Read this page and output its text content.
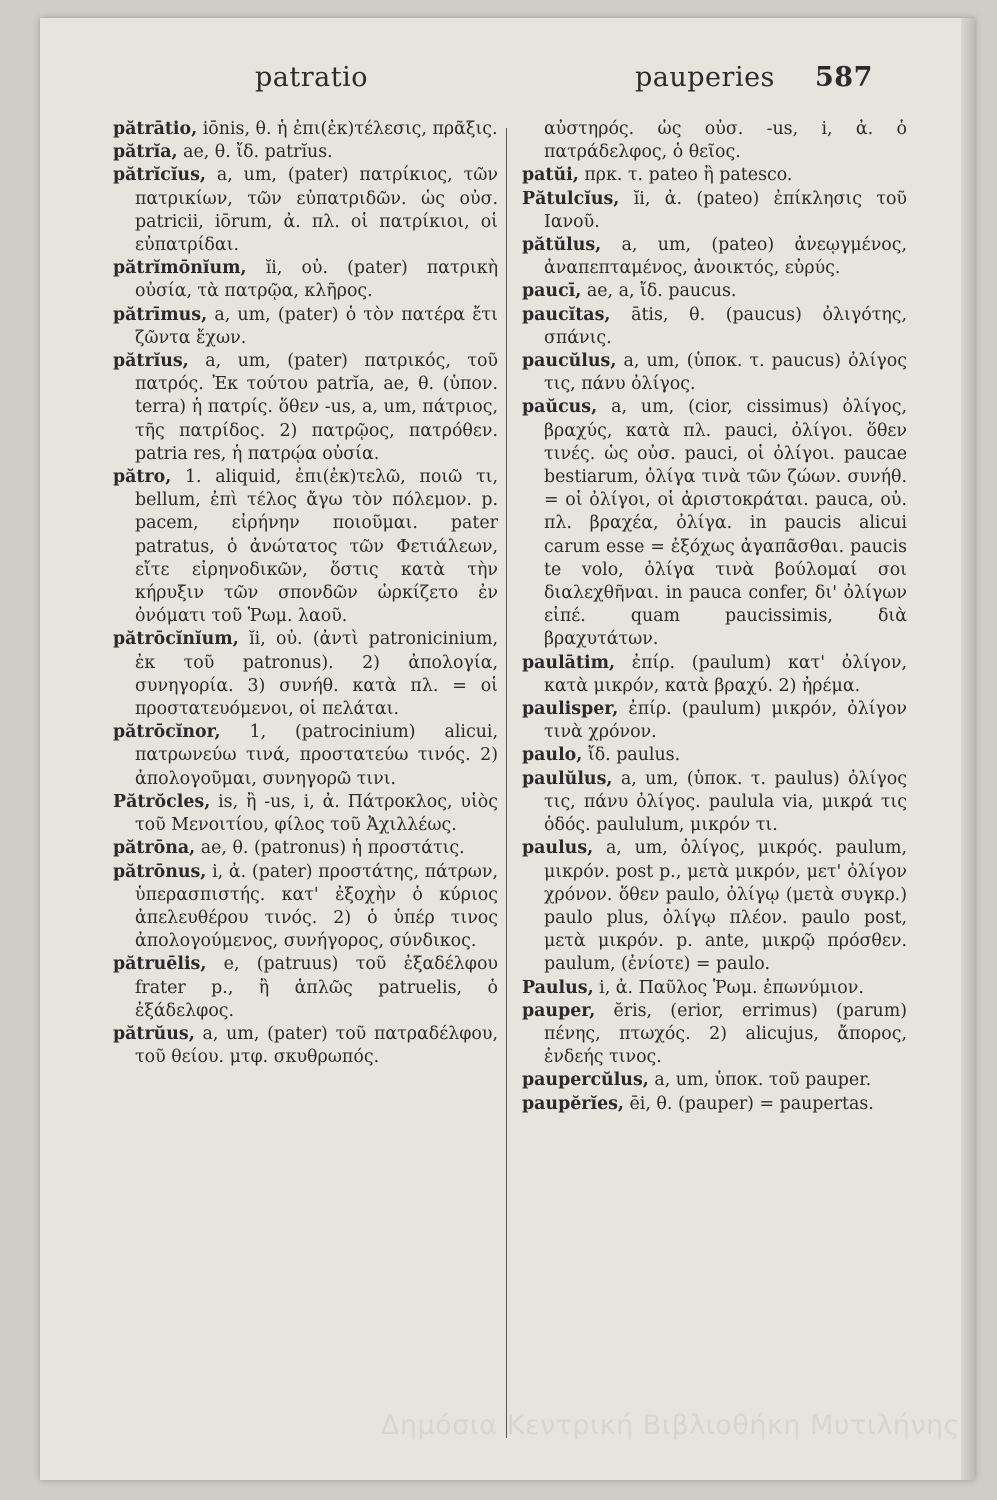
patratio	pauperies 587

pătrātio, iōnis, θ. ἡ ἐπι(ἐκ)τέλεσις, πρᾶξις.

pătrĭa, ae, θ. ἴδ. patrĭus.

pătrĭcĭus, a, um, (pater) πατρίκιος, τῶν πατρικίων, τῶν εὐπατριδῶν. ὡς οὐσ. patricii, iōrum, ἀ. πλ. οἱ πατρίκιοι, οἱ εὐπατρίδαι.

pătrĭmōnĭum, ĭi, οὐ. (pater) πατρικὴ οὐσία, τὰ πατρῷα, κλῆρος.

pătrīmus, a, um, (pater) ὁ τὸν πατέρα ἔτι ζῶντα ἔχων.

pătrĭus, a, um, (pater) πατρικός, τοῦ πατρός. Ἐκ τούτου patrĭa, ae, θ. (ὑπον. terra) ἡ πατρίς. ὅθεν -us, a, um, πάτριος, τῆς πατρίδος. 2) πατρῷος, πατρόθεν. patria res, ἡ πατρῴα οὐσία.

pătro, 1. aliquid, ἐπι(ἐκ)τελῶ, ποιῶ τι, bellum, ἐπὶ τέλος ἄγω τὸν πόλεμον. p. pacem, εἰρήνην ποιοῦμαι. pater patratus, ὁ ἀνώτατος τῶν Φετιάλεων, εἴτε εἰρηνοδικῶν, ὅστις κατὰ τὴν κήρυξιν τῶν σπονδῶν ὡρκίζετο ἐν ὀνόματι τοῦ Ῥωμ. λαοῦ.

pătrōcĭnĭum, ĭi, οὐ. (ἀντὶ patronicinium, ἐκ τοῦ patronus). 2) ἀπολογία, συνηγορία. 3) συνήθ. κατὰ πλ. = οἱ προστατευόμενοι, οἱ πελάται.

pătrōcĭnor, 1, (patrocinium) alicui, πατρωνεύω τινά, προστατεύω τινός. 2) ἀπολογοῦμαι, συνηγορῶ τινι.

Pătrŏcles, is, ἢ -us, i, ἀ. Πάτροκλος, υἱὸς τοῦ Μενοιτίου, φίλος τοῦ Ἀχιλλέως.

pătrōna, ae, θ. (patronus) ἡ προστάτις.

pătrōnus, i, ἀ. (pater) προστάτης, πάτρων, ὑπερασπιστής. κατ' ἐξοχὴν ὁ κύριος ἀπελευθέρου τινός. 2) ὁ ὑπέρ τινος ἀπολογούμενος, συνήγορος, σύνδικος.

pătruēlis, e, (patruus) τοῦ ἐξαδέλφου frater p., ἢ ἁπλῶς patruelis, ὁ ἐξάδελφος.

pătrŭus, a, um, (pater) τοῦ πατραδέλφου, τοῦ θείου. μτφ. σκυθρωπός.

αὐστηρός. ὡς οὐσ. -us, i, ἀ. ὁ πατράδελφος, ὁ θεῖος.

patŭi, πρκ. τ. pateo ἢ patesco.

Pătulcĭus, ĭi, ἀ. (pateo) ἐπίκλησις τοῦ Ιανοῦ.

pătŭlus, a, um, (pateo) ἀνεῳγμένος, ἀναπεπταμένος, ἀνοικτός, εὐρύς.

paucī, ae, a, ἴδ. paucus.

paucĭtas, ātis, θ. (paucus) ὀλιγότης, σπάνις.

paucŭlus, a, um, (ὑποκ. τ. paucus) ὀλίγος τις, πάνυ ὀλίγος.

paŭcus, a, um, (cior, cissimus) ὀλίγος, βραχύς, κατὰ πλ. pauci, ὀλίγοι. ὅθεν τινές. ὡς οὐσ. pauci, οἱ ὀλίγοι. paucae bestiarum, ὀλίγα τινὰ τῶν ζώων. συνήθ. = οἱ ὀλίγοι, οἱ ἀριστοκράται. pauca, οὐ. πλ. βραχέα, ὀλίγα. in paucis alicui carum esse = ἐξόχως ἀγαπᾶσθαι. paucis te volo, ὀλίγα τινὰ βούλομαί σοι διαλεχθῆναι. in pauca confer, δι' ὀλίγων εἰπέ. quam paucissimis, διὰ βραχυτάτων.

paulātim, ἐπίρ. (paulum) κατ' ὀλίγον, κατὰ μικρόν, κατὰ βραχύ. 2) ἠρέμα.

paulisper, ἐπίρ. (paulum) μικρόν, ὀλίγον τινὰ χρόνον.

paulo, ἴδ. paulus.

paulŭlus, a, um, (ὑποκ. τ. paulus) ὀλίγος τις, πάνυ ὀλίγος. paulula via, μικρά τις ὁδός. paululum, μικρόν τι.

paulus, a, um, ὀλίγος, μικρός. paulum, μικρόν. post p., μετὰ μικρόν, μετ' ὀλίγον χρόνον. ὅθεν paulo, ὀλίγῳ (μετὰ συγκρ.) paulo plus, ὀλίγῳ πλέον. paulo post, μετὰ μικρόν. p. ante, μικρῷ πρόσθεν. paulum, (ἐνίοτε) = paulo.

Paulus, i, ἀ. Παῦλος Ῥωμ. ἐπωνύμιον.

pauper, ĕris, (erior, errimus) (parum) πένης, πτωχός. 2) alicujus, ἄπορος, ἐνδεής τινος.

paupercŭlus, a, um, ὑποκ. τοῦ pauper.

paupĕrĭes, ēi, θ. (pauper) = paupertas.

Δημόσια Κεντρική Βιβλιοθήκη Μυτιλήνης
